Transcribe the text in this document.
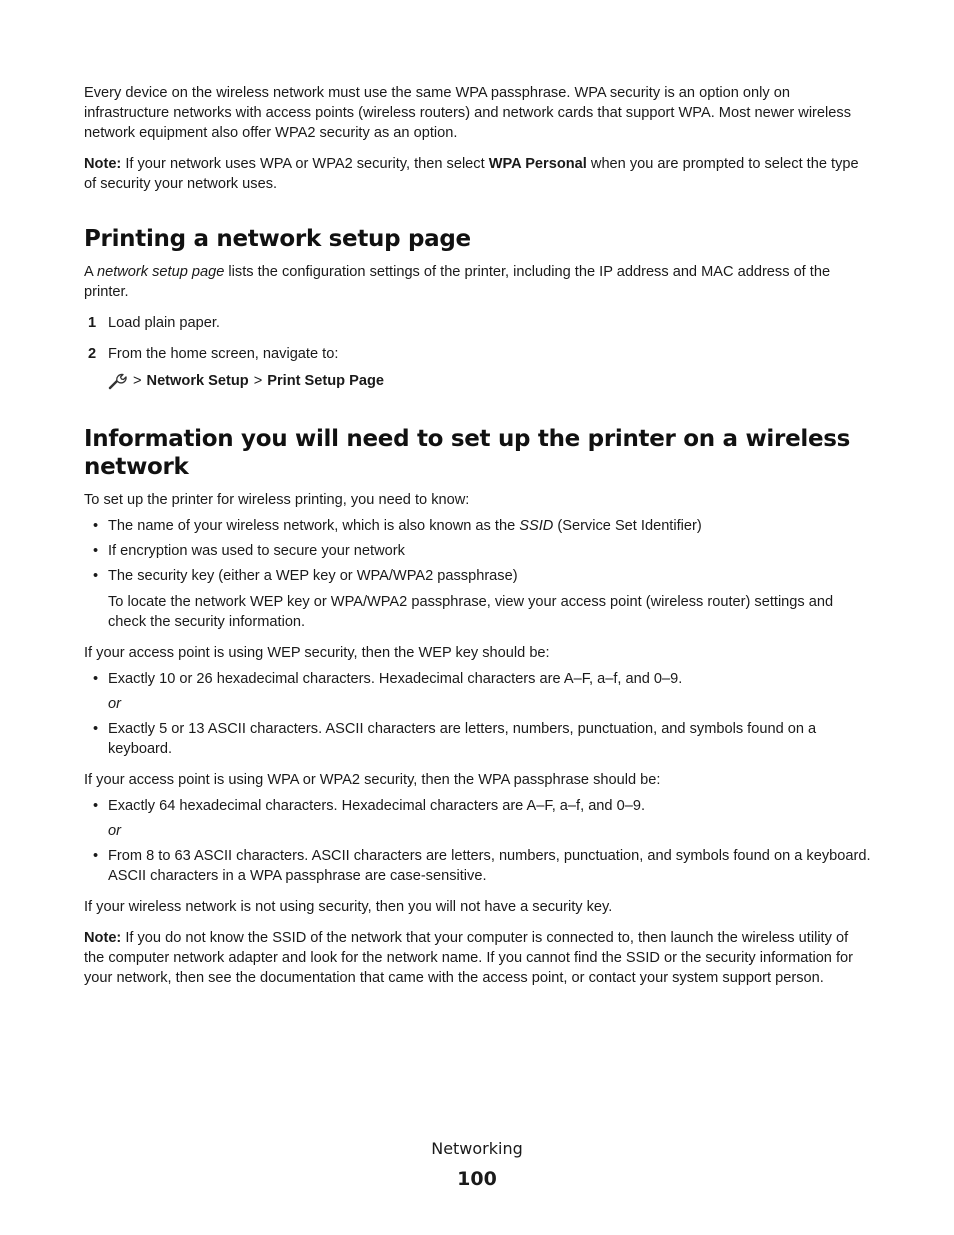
Every device on the wireless network must use the same WPA passphrase. WPA security is an option only on infrastructure networks with access points (wireless routers) and network cards that support WPA. Most newer wireless network equipment also offer WPA2 security as an option.

Note: If your network uses WPA or WPA2 security, then select WPA Personal when you are prompted to select the type of security your network uses.

Printing a network setup page

A network setup page lists the configuration settings of the printer, including the IP address and MAC address of the printer.

1 Load plain paper.
2 From the home screen, navigate to:
> Network Setup > Print Setup Page
Information you will need to set up the printer on a wireless network

To set up the printer for wireless printing, you need to know:

• The name of your wireless network, which is also known as the SSID (Service Set Identifier)
• If encryption was used to secure your network
• The security key (either a WEP key or WPA/WPA2 passphrase)

To locate the network WEP key or WPA/WPA2 passphrase, view your access point (wireless router) settings and check the security information.

If your access point is using WEP security, then the WEP key should be:

• Exactly 10 or 26 hexadecimal characters. Hexadecimal characters are A–F, a–f, and 0–9.
or
• Exactly 5 or 13 ASCII characters. ASCII characters are letters, numbers, punctuation, and symbols found on a keyboard.

If your access point is using WPA or WPA2 security, then the WPA passphrase should be:

• Exactly 64 hexadecimal characters. Hexadecimal characters are A–F, a–f, and 0–9.
or
• From 8 to 63 ASCII characters. ASCII characters are letters, numbers, punctuation, and symbols found on a keyboard. ASCII characters in a WPA passphrase are case-sensitive.

If your wireless network is not using security, then you will not have a security key.

Note: If you do not know the SSID of the network that your computer is connected to, then launch the wireless utility of the computer network adapter and look for the network name. If you cannot find the SSID or the security information for your network, then see the documentation that came with the access point, or contact your system support person.

Networking
100
